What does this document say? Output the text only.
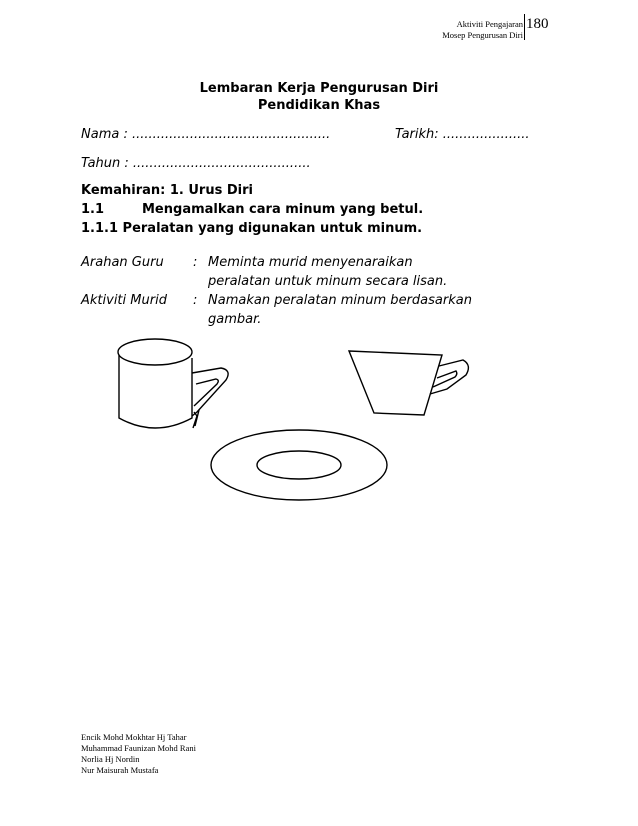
Aktiviti Pengajaran
Mosep Pengurusan Diri
180
Lembaran Kerja Pengurusan Diri
Pendidikan Khas
Nama : ................................................	Tarikh: .....................
Tahun : ...........................................
Kemahiran: 1. Urus Diri
1.1	Mengamalkan cara minum yang betul.
1.1.1 Peralatan yang digunakan untuk minum.
Arahan Guru : Meminta murid menyenaraikan
peralatan untuk minum secara lisan.
Aktiviti Murid : Namakan peralatan minum berdasarkan
gambar.
Encik Mohd Mokhtar Hj Tahar
Muhammad Faunizan Mohd Rani
Norlia Hj Nordin
Nur Maisurah Mustafa
